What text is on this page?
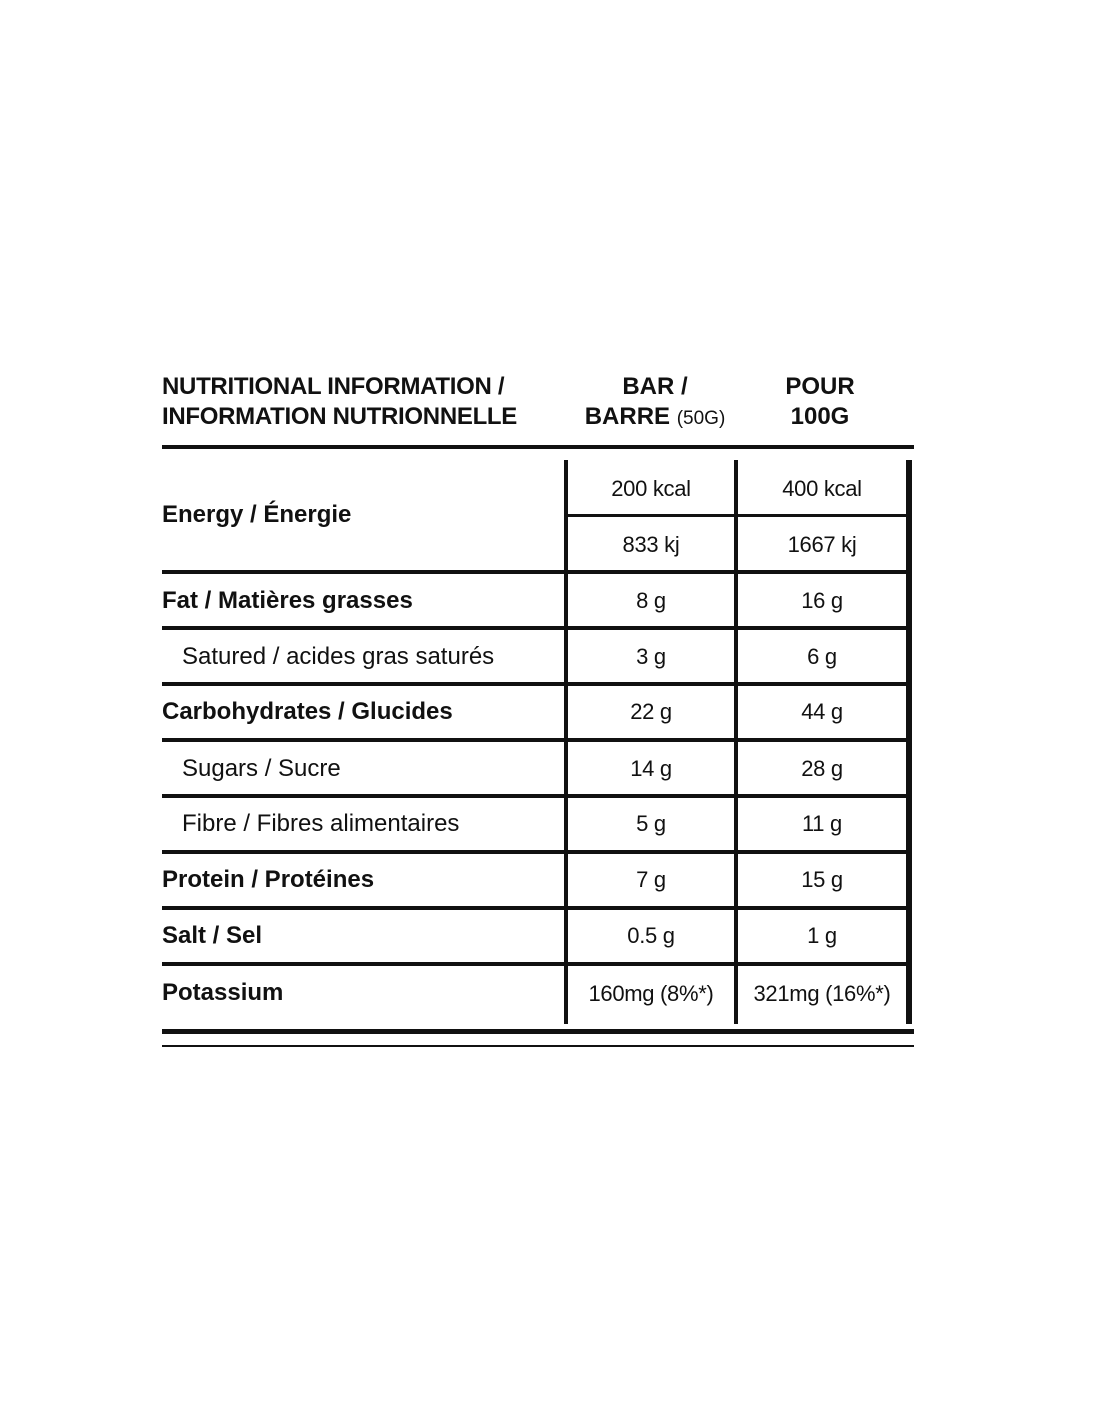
NUTRITIONAL INFORMATION /
INFORMATION NUTRIONNELLE
BAR /
BARRE (50G)
POUR
100G
Energy / Énergie
200 kcal	400 kcal
833 kj	1667 kj
Fat / Matières grasses	8 g	16 g
Satured / acides gras saturés	3 g	6 g
Carbohydrates / Glucides	22 g	44 g
Sugars / Sucre	14 g	28 g
Fibre / Fibres alimentaires	5 g	11 g
Protein / Protéines	7 g	15 g
Salt / Sel	0.5 g	1 g
Potassium	160mg (8%*)	321mg (16%*)
